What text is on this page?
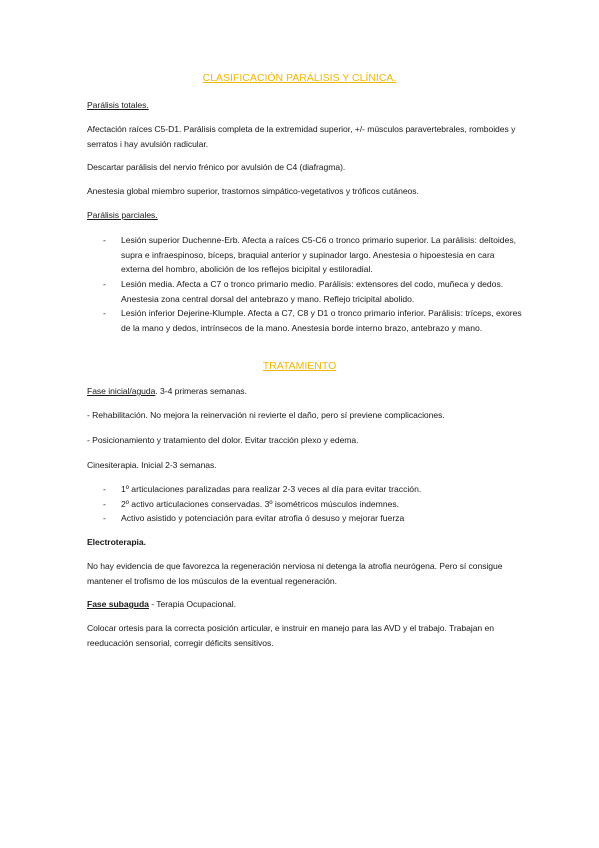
CLASIFICACIÓN PARÁLISIS Y CLÍNICA.

Parálisis totales.

Afectación raíces C5-D1. Parálisis completa de la extremidad superior, +/- músculos paravertebrales, romboides y serratos i hay avulsión radicular.

Descartar parálisis del nervio frénico por avulsión de C4 (diafragma).

Anestesia global miembro superior, trastornos simpático-vegetativos y tróficos cutáneos.

Parálisis parciales.

-	Lesión superior Duchenne-Erb. Afecta a raíces C5-C6 o tronco primario superior. La parálisis: deltoides, supra e infraespinoso, bíceps, braquial anterior y supinador largo. Anestesia o hipoestesia en cara externa del hombro, abolición de los reflejos bicipital y estiloradial.
-	Lesión media. Afecta a C7 o tronco primario medio. Parálisis: extensores del codo, muñeca y dedos. Anestesia zona central dorsal del antebrazo y mano. Reflejo tricipital abolido.
-	Lesión inferior Dejerine-Klumple. Afecta a C7, C8 y D1 o tronco primario inferior. Parálisis: tríceps, exores de la mano y dedos, intrínsecos de la mano. Anestesia borde interno brazo, antebrazo y mano.

TRATAMIENTO

Fase inicial/aguda. 3-4 primeras semanas.

- Rehabilitación. No mejora la reinervación ni revierte el daño, pero sí previene complicaciones.

- Posicionamiento y tratamiento del dolor. Evitar tracción plexo y edema.

Cinesiterapia. Inicial 2-3 semanas.

-	1º articulaciones paralizadas para realizar 2-3 veces al día para evitar tracción.
-	2º activo articulaciones conservadas. 3º isométricos músculos indemnes.
-	Activo asistido y potenciación para evitar atrofia ó desuso y mejorar fuerza

Electroterapia.

No hay evidencia de que favorezca la regeneración nerviosa ni detenga la atrofia neurógena. Pero sí consigue mantener el trofismo de los músculos de la eventual regeneración.

Fase subaguda - Terapia Ocupacional.

Colocar ortesis para la correcta posición articular, e instruir en manejo para las AVD y el trabajo. Trabajan en reeducación sensorial, corregir déficits sensitivos.
